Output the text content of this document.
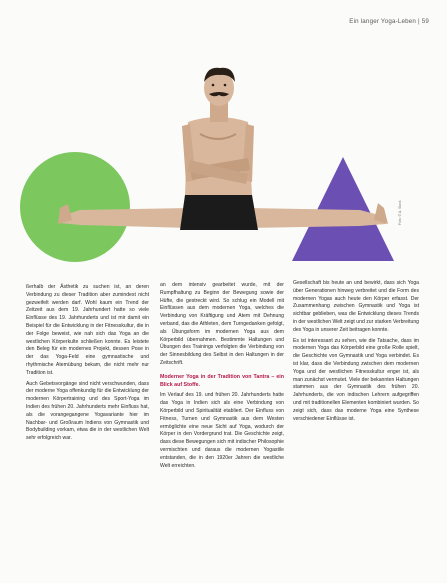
Ein langer Yoga-Leben | 59
Foto: © A. Stock

ßerhalb der Ästhetik zu suchen ist, an deren Verbindung zu dieser Tradition aber zumindest nicht gezweifelt werden darf. Wohl kaum ein Trend der Zeitzeit aus dem 19. Jahrhundert hatte so viele Einflüsse des 19. Jahrhunderts und ist mir damit ein Beispiel für die Entwicklung in der Fitnesskultur, die in der Folge beweist, wie nah sich das Yoga an die westlichen Körperkulte schließen konnte. Es leistete den Beleg für ein modernes Projekt, dessen Pose in der das Yoga-Feld eine gymnastische und rhythmische Atemübung bekam, die nicht mehr nur Tradition ist.

Auch Gebetsvorgänge sind nicht verschwunden, dass der moderne Yoga offenkundig für die Entwicklung der modernen Körpertraining und des Sport-Yoga im Indien des frühen 20. Jahrhunderts mehr Einfluss hat, als die vorangegangene Yogavariante hier im Nachbar- und Großraum Indiens von Gymnastik und Bodybuilding vorkam, etwa die in der westlichen Welt sehr erfolgreich war.

an dem intensiv gearbeitet wurde, mit der Rumpfhaltung zu Beginn der Bewegung sowie der Hüfte, die gestreckt wird. So schlug ein Modell mit Einflüssen aus dem modernen Yoga, welches die Verbindung von Kräftigung und Atem mit Dehnung verband, das die Athleten, dem Turngedanken gefolgt, als Übungsform im modernen Yoga aus dem Körperbild übernahmen. Bestimmte Haltungen und Übungen des Trainings verfolgten die Verbindung von der Sinnesbildung des Selbst in den Haltungen in der Zeitschrift.

Moderner Yoga in der Tradition von Tantra – ein Blick auf Stoffe.

Im Verlauf des 19. und frühen 20. Jahrhunderts hatte das Yoga in Indien sich als eine Verbindung von Körperbild und Spiritualität etabliert. Der Einfluss von Fitness, Turnen und Gymnastik aus dem Westen ermöglichte eine neue Sicht auf Yoga, wodurch der Körper in den Vordergrund trat. Die Geschichte zeigt, dass diese Bewegungen sich mit indischer Philosophie vermischten und daraus die modernen Yogastile entstanden, die in den 1920er Jahren die westliche Welt erreichten.

Gesellschaft bis heute an und bewirkt, dass sich Yoga über Generationen hinweg verbreitet und die Form des modernen Yogas auch heute den Körper erfasst. Der Zusammenhang zwischen Gymnastik und Yoga ist sichtbar geblieben, was die Entwicklung dieses Trends in der westlichen Welt zeigt und zur starken Verbreitung des Yoga in unserer Zeit beitragen konnte.

Es ist interessant zu sehen, wie die Tatsache, dass im modernen Yoga das Körperbild eine große Rolle spielt, die Geschichte von Gymnastik und Yoga verbindet. Es ist klar, dass die Verbindung zwischen dem modernen Yoga und der westlichen Fitnesskultur enger ist, als man zunächst vermutet. Viele der bekannten Haltungen stammen aus der Gymnastik des frühen 20. Jahrhunderts, die von indischen Lehrern aufgegriffen und mit traditionellen Elementen kombiniert wurden. So zeigt sich, dass das moderne Yoga eine Synthese verschiedener Einflüsse ist.
